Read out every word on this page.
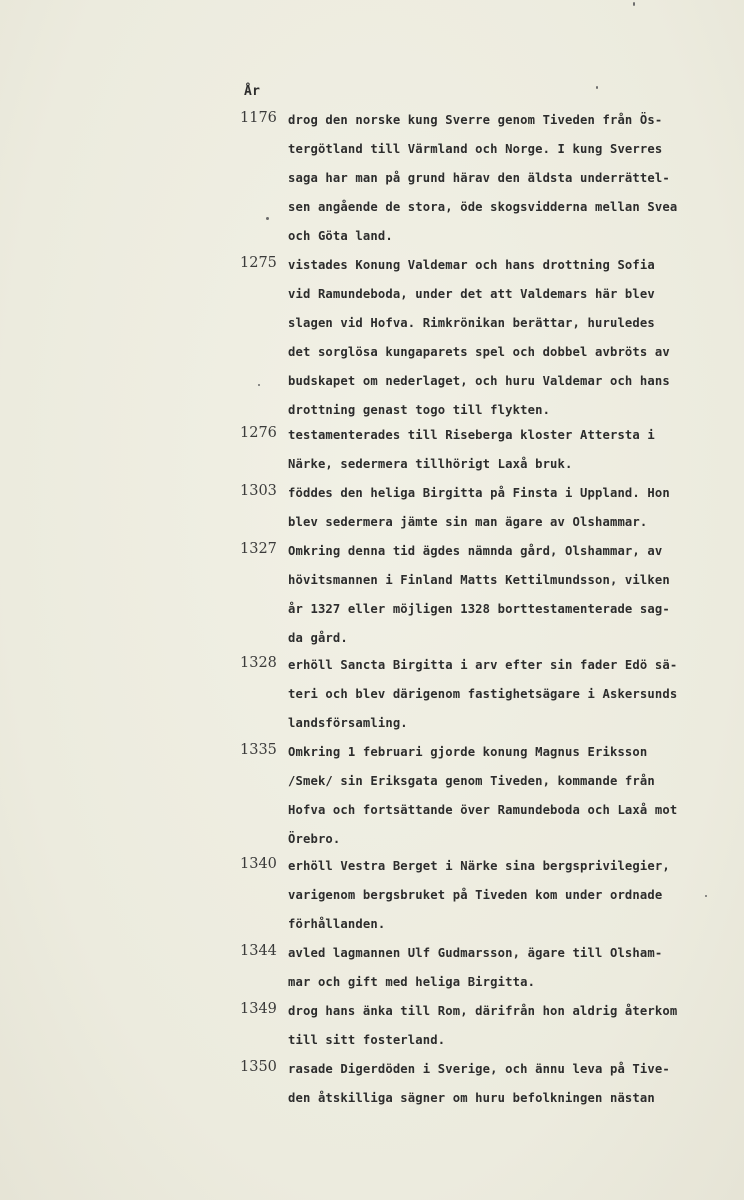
År
1176 drog den norske kung Sverre genom Tiveden från Ös-
tergötland till Värmland och Norge. I kung Sverres
saga har man på grund härav den äldsta underrättel-
sen angående de stora, öde skogsvidderna mellan Svea
och Göta land.
1275 vistades Konung Valdemar och hans drottning Sofia
vid Ramundeboda, under det att Valdemars här blev
slagen vid Hofva. Rimkrönikan berättar, huruledes
det sorglösa kungaparets spel och dobbel avbröts av
budskapet om nederlaget, och huru Valdemar och hans
drottning genast togo till flykten.
1276 testamenterades till Riseberga kloster Attersta i
Närke, sedermera tillhörigt Laxå bruk.
1303 föddes den heliga Birgitta på Finsta i Uppland. Hon
blev sedermera jämte sin man ägare av Olshammar.
1327 Omkring denna tid ägdes nämnda gård, Olshammar, av
hövitsmannen i Finland Matts Kettilmundsson, vilken
år 1327 eller möjligen 1328 borttestamenterade sag-
da gård.
1328 erhöll Sancta Birgitta i arv efter sin fader Edö sä-
teri och blev därigenom fastighetsägare i Askersunds
landsförsamling.
1335 Omkring 1 februari gjorde konung Magnus Eriksson
/Smek/ sin Eriksgata genom Tiveden, kommande från
Hofva och fortsättande över Ramundeboda och Laxå mot
Örebro.
1340 erhöll Vestra Berget i Närke sina bergsprivilegier,
varigenom bergsbruket på Tiveden kom under ordnade
förhållanden.
1344 avled lagmannen Ulf Gudmarsson, ägare till Olsham-
mar och gift med heliga Birgitta.
1349 drog hans änka till Rom, därifrån hon aldrig återkom
till sitt fosterland.
1350 rasade Digerdöden i Sverige, och ännu leva på Tive-
den åtskilliga sägner om huru befolkningen nästan
